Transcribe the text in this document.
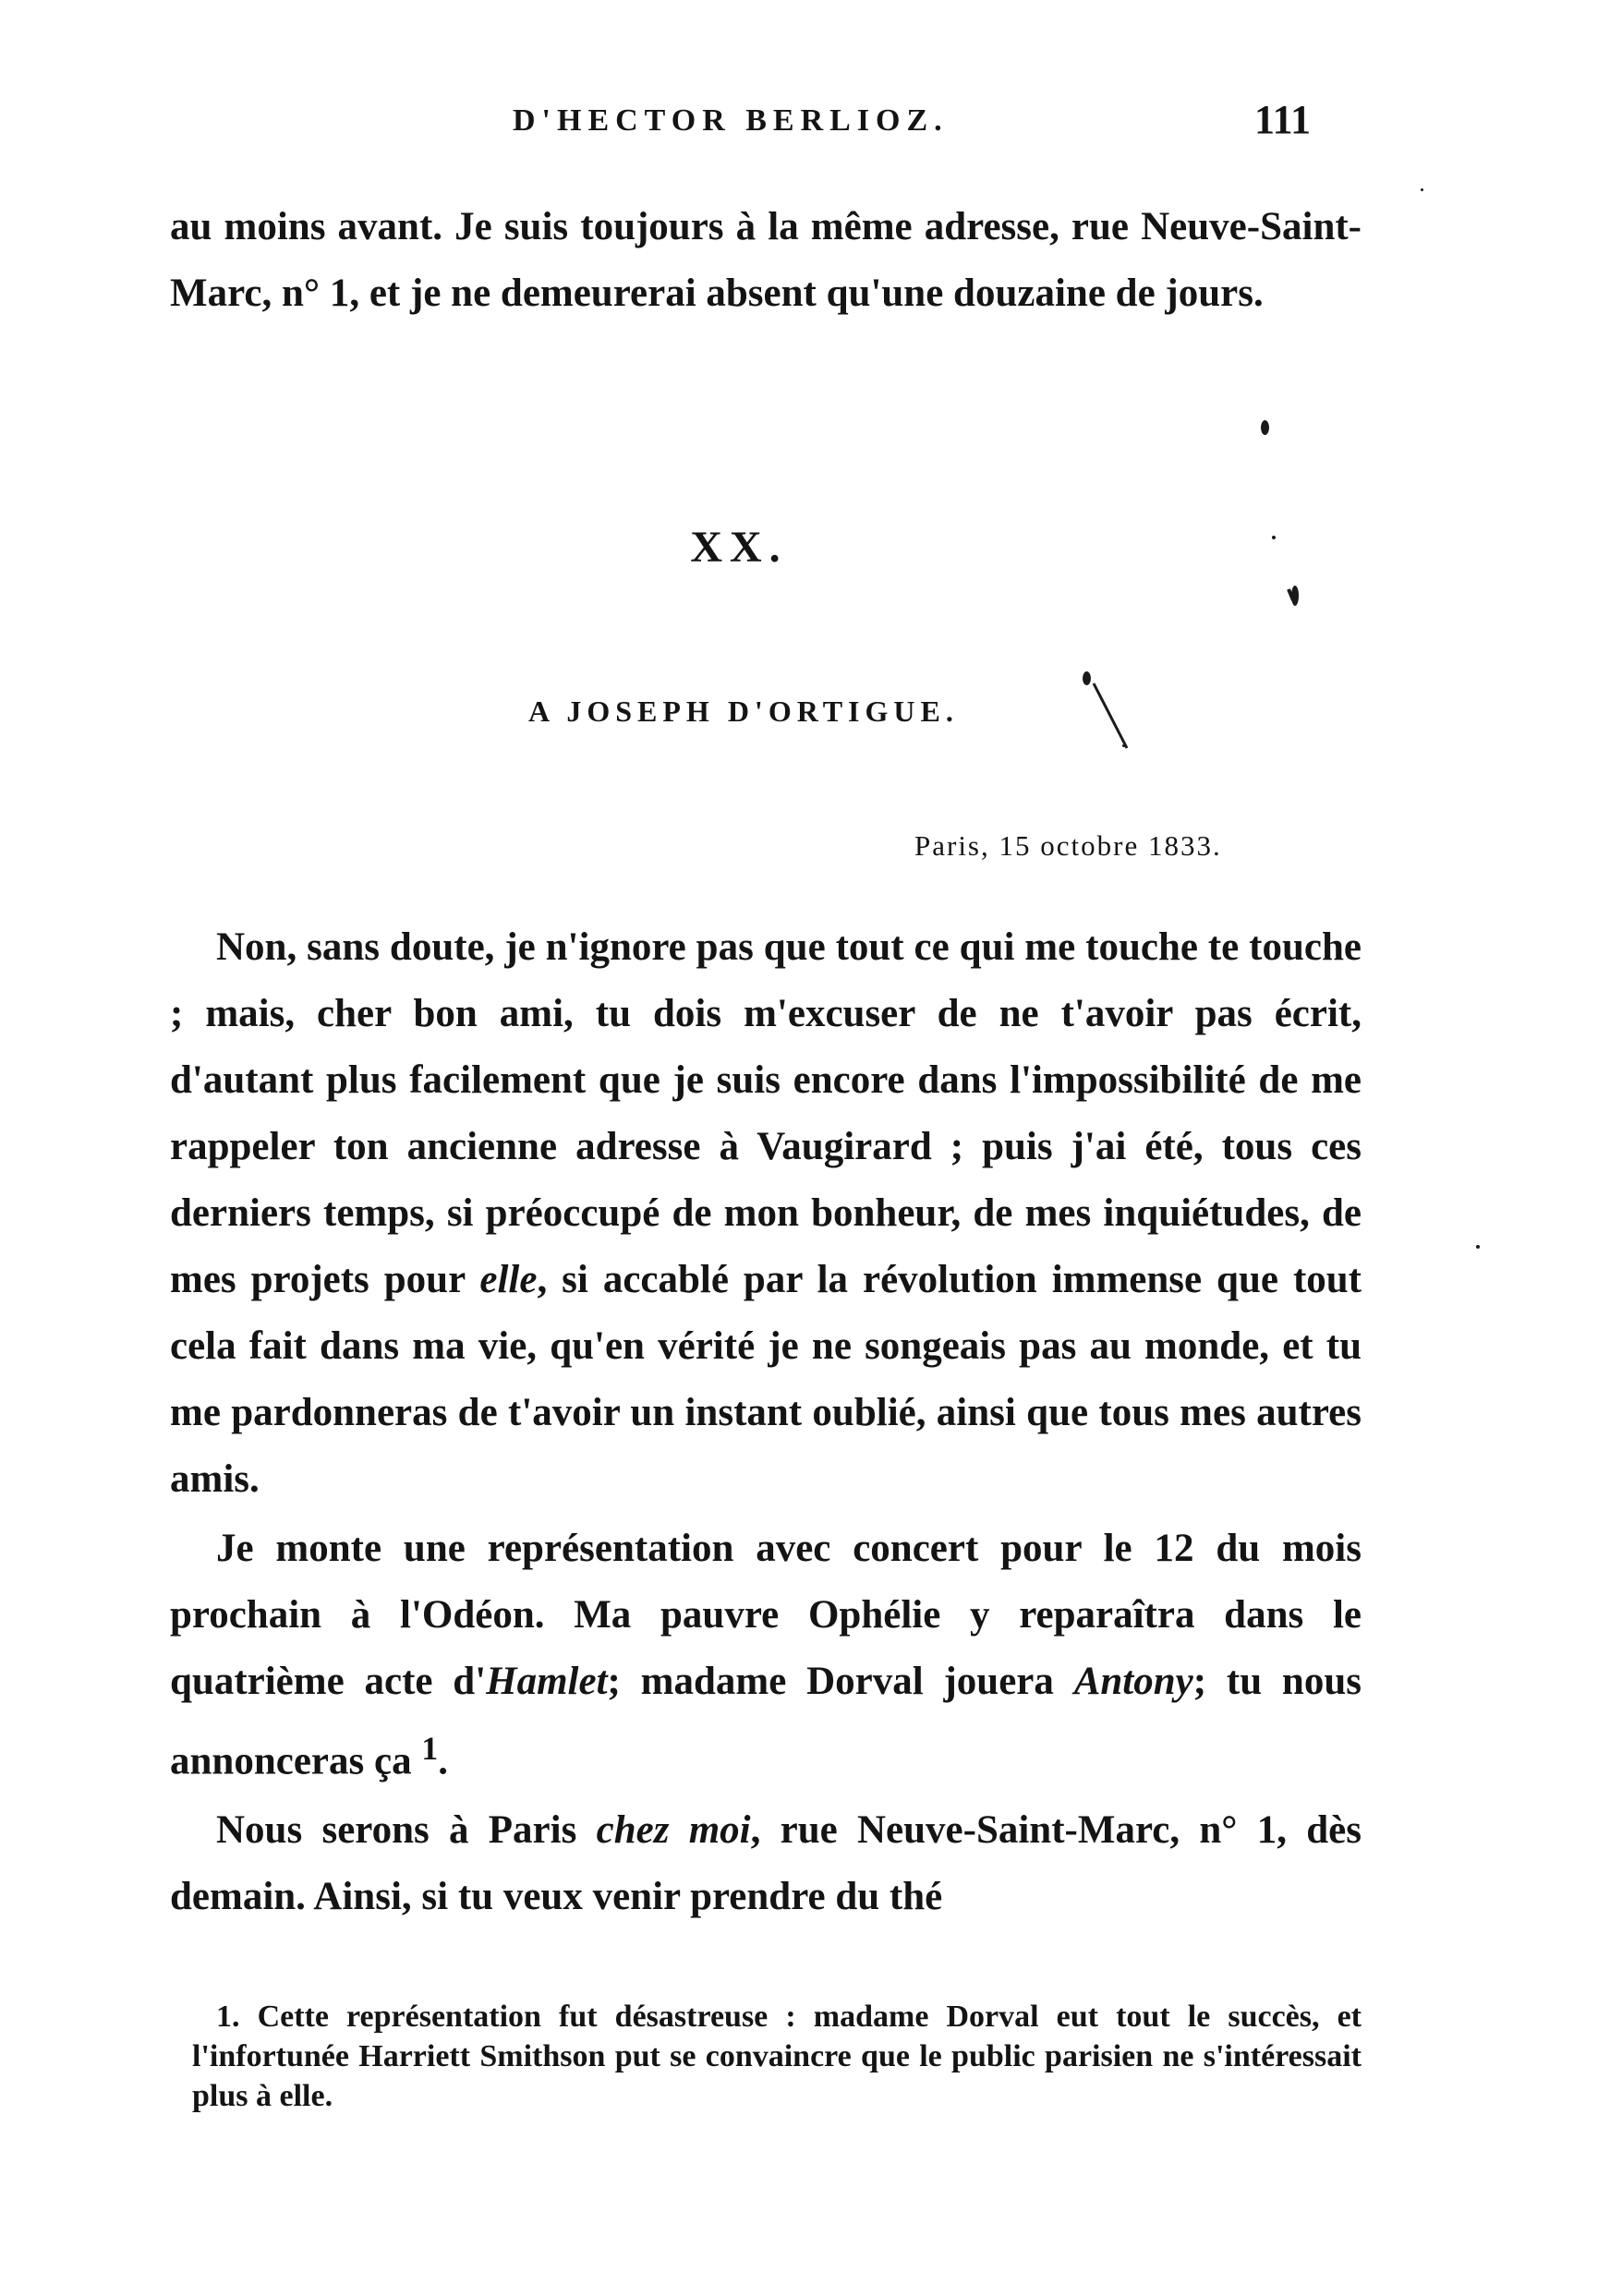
D'HECTOR BERLIOZ.	111

au moins avant. Je suis toujours à la même adresse, rue Neuve-Saint-Marc, n° 1, et je ne demeurerai absent qu'une douzaine de jours.

XX.
A JOSEPH D'ORTIGUE.
Paris, 15 octobre 1833.

Non, sans doute, je n'ignore pas que tout ce qui me touche te touche ; mais, cher bon ami, tu dois m'excuser de ne t'avoir pas écrit, d'autant plus facilement que je suis encore dans l'impossibilité de me rappeler ton ancienne adresse à Vaugirard ; puis j'ai été, tous ces derniers temps, si préoccupé de mon bonheur, de mes inquiétudes, de mes projets pour elle, si accablé par la révolution immense que tout cela fait dans ma vie, qu'en vérité je ne songeais pas au monde, et tu me pardonneras de t'avoir un instant oublié, ainsi que tous mes autres amis.

Je monte une représentation avec concert pour le 12 du mois prochain à l'Odéon. Ma pauvre Ophélie y reparaîtra dans le quatrième acte d'Hamlet; madame Dorval jouera Antony; tu nous annonceras ça $^1$.

Nous serons à Paris chez moi, rue Neuve-Saint-Marc, n° 1, dès demain. Ainsi, si tu veux venir prendre du thé

1. Cette représentation fut désastreuse : madame Dorval eut tout le succès, et l'infortunée Harriett Smithson put se convaincre que le public parisien ne s'intéressait plus à elle.
